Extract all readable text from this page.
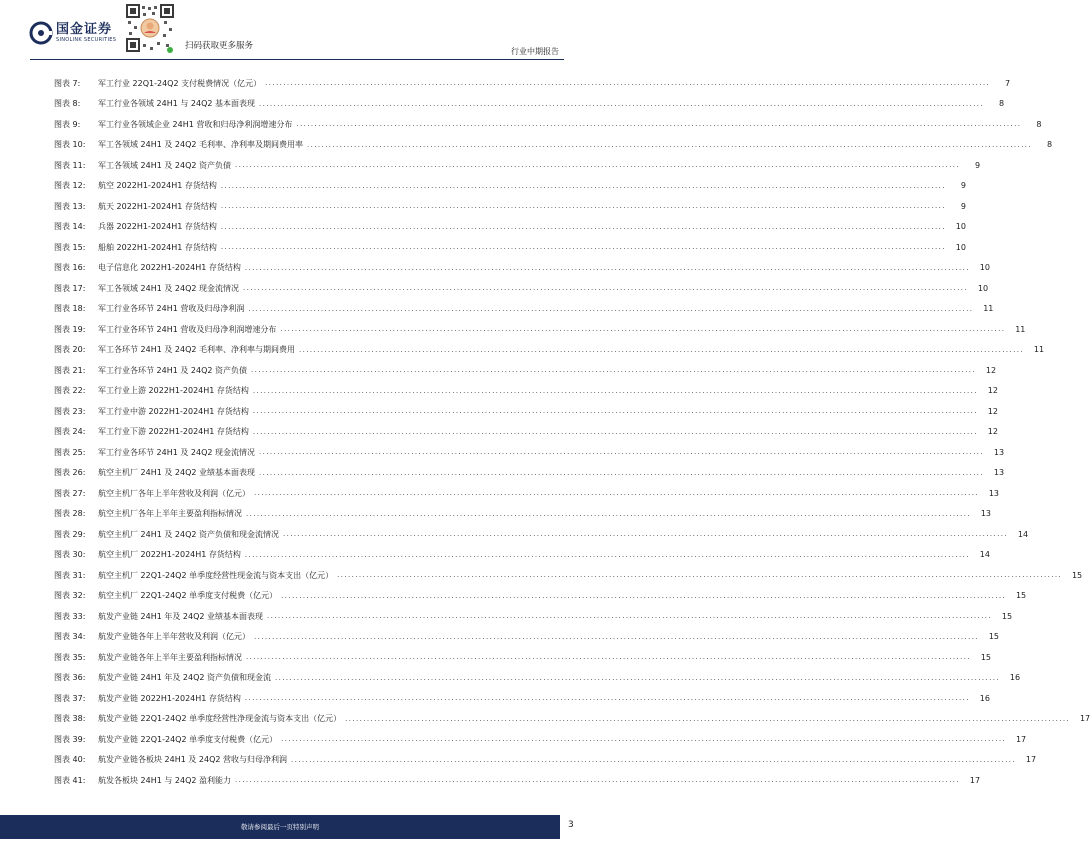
国金证券
SINOLINK SECURITIES
扫码获取更多服务
行业中期报告
图表 7:	军工行业 22Q1-24Q2 支付税费情况（亿元） ........................................................................................................................................................................................................	7
图表 8:	军工行业各领域 24H1 与 24Q2 基本面表现 ........................................................................................................................................................................................................	8
图表 9:	军工行业各领域企业 24H1 营收和归母净利润增速分布 ........................................................................................................................................................................................................	8
图表 10:	军工各领域 24H1 及 24Q2 毛利率、净利率及期间费用率 ........................................................................................................................................................................................................	8
图表 11:	军工各领域 24H1 及 24Q2 资产负债 ........................................................................................................................................................................................................	9
图表 12:	航空 2022H1-2024H1 存货结构 ........................................................................................................................................................................................................	9
图表 13:	航天 2022H1-2024H1 存货结构 ........................................................................................................................................................................................................	9
图表 14:	兵器 2022H1-2024H1 存货结构 ........................................................................................................................................................................................................	10
图表 15:	船舶 2022H1-2024H1 存货结构 ........................................................................................................................................................................................................	10
图表 16:	电子信息化 2022H1-2024H1 存货结构 ........................................................................................................................................................................................................	10
图表 17:	军工各领域 24H1 及 24Q2 现金流情况 ........................................................................................................................................................................................................	10
图表 18:	军工行业各环节 24H1 营收及归母净利润 ........................................................................................................................................................................................................	11
图表 19:	军工行业各环节 24H1 营收及归母净利润增速分布 ........................................................................................................................................................................................................	11
图表 20:	军工各环节 24H1 及 24Q2 毛利率、净利率与期间费用 ........................................................................................................................................................................................................	11
图表 21:	军工行业各环节 24H1 及 24Q2 资产负债 ........................................................................................................................................................................................................	12
图表 22:	军工行业上游 2022H1-2024H1 存货结构 ........................................................................................................................................................................................................	12
图表 23:	军工行业中游 2022H1-2024H1 存货结构 ........................................................................................................................................................................................................	12
图表 24:	军工行业下游 2022H1-2024H1 存货结构 ........................................................................................................................................................................................................	12
图表 25:	军工行业各环节 24H1 及 24Q2 现金流情况 ........................................................................................................................................................................................................	13
图表 26:	航空主机厂 24H1 及 24Q2 业绩基本面表现 ........................................................................................................................................................................................................	13
图表 27:	航空主机厂各年上半年营收及利润（亿元） ........................................................................................................................................................................................................	13
图表 28:	航空主机厂各年上半年主要盈利指标情况 ........................................................................................................................................................................................................	13
图表 29:	航空主机厂 24H1 及 24Q2 资产负债和现金流情况 ........................................................................................................................................................................................................	14
图表 30:	航空主机厂 2022H1-2024H1 存货结构 ........................................................................................................................................................................................................	14
图表 31:	航空主机厂 22Q1-24Q2 单季度经营性现金流与资本支出（亿元） ........................................................................................................................................................................................................	15
图表 32:	航空主机厂 22Q1-24Q2 单季度支付税费（亿元） ........................................................................................................................................................................................................	15
图表 33:	航发产业链 24H1 年及 24Q2 业绩基本面表现 ........................................................................................................................................................................................................	15
图表 34:	航发产业链各年上半年营收及利润（亿元） ........................................................................................................................................................................................................	15
图表 35:	航发产业链各年上半年主要盈利指标情况 ........................................................................................................................................................................................................	15
图表 36:	航发产业链 24H1 年及 24Q2 资产负债和现金流 ........................................................................................................................................................................................................	16
图表 37:	航发产业链 2022H1-2024H1 存货结构 ........................................................................................................................................................................................................	16
图表 38:	航发产业链 22Q1-24Q2 单季度经营性净现金流与资本支出（亿元） ........................................................................................................................................................................................................	17
图表 39:	航发产业链 22Q1-24Q2 单季度支付税费（亿元） ........................................................................................................................................................................................................	17
图表 40:	航发产业链各板块 24H1 及 24Q2 营收与归母净利润 ........................................................................................................................................................................................................	17
图表 41:	航发各板块 24H1 与 24Q2 盈利能力 ........................................................................................................................................................................................................	17
敬请参阅最后一页特别声明	3
